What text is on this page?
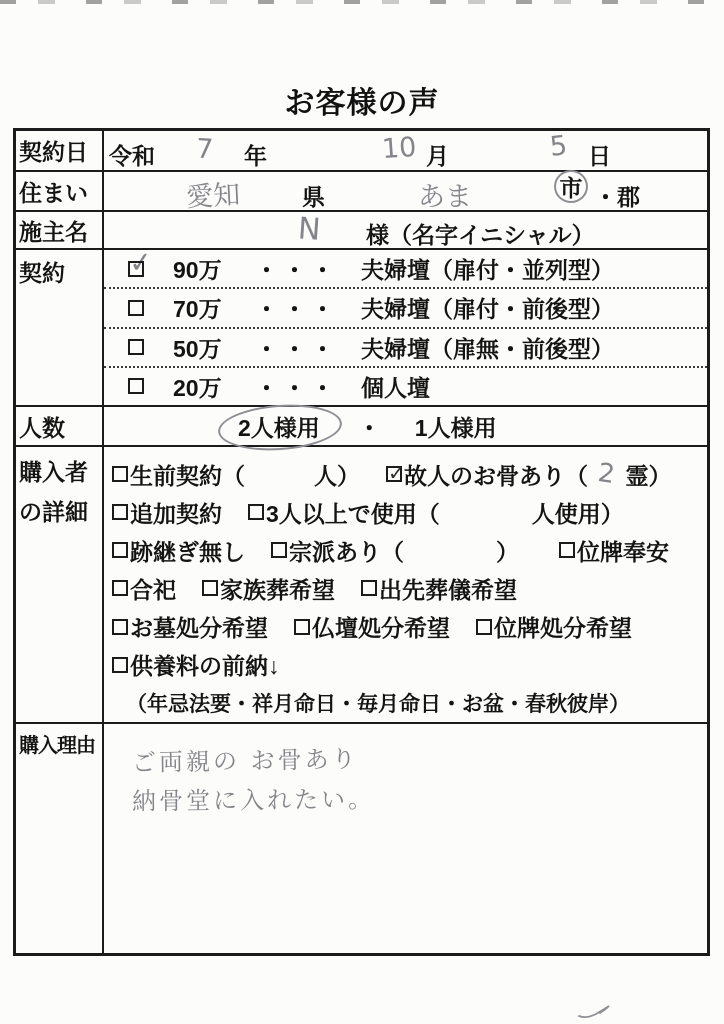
お客様の声
契約日 令和 7 年	10 月	5 日
住まい	愛知	県	あま	市 ・郡
施主名	N 様（名字イニシャル）
契約	✓ 90万	・・・ 夫婦壇（扉付・並列型）
70万	・・・ 夫婦壇（扉付・前後型）
50万	・・・ 夫婦壇（扉無・前後型）
20万	・・・ 個人壇
人数	2人様用 ・ 1人様用
購入者
の詳細
生前契約（　　　人） ✓ 故人のお骨あり（ 2 霊）
追加契約 3人以上で使用（　　　　人使用）
跡継ぎ無し 宗派あり（　　　　）	位牌奉安
合祀 家族葬希望 出先葬儀希望
お墓処分希望 仏壇処分希望 位牌処分希望
供養料の前納↓
（年忌法要・祥月命日・毎月命日・お盆・春秋彼岸）
購入理由	ご両親の お骨あり
納骨堂に入れたい。
